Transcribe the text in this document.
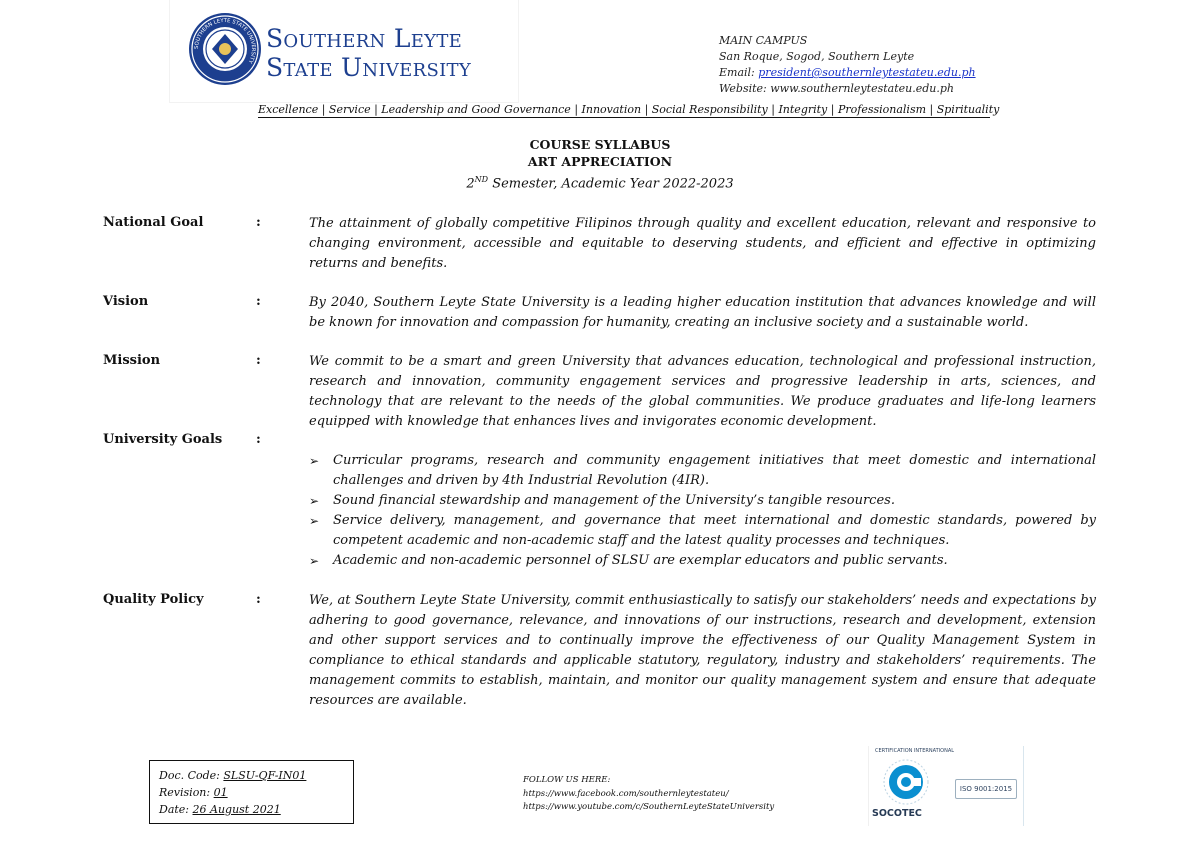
SOUTHERN LEYTE STATE UNIVERSITY
Southern Leyte
State University
MAIN CAMPUS
San Roque, Sogod, Southern Leyte
Email: president@southernleytestateu.edu.ph
Website: www.southernleytestateu.edu.ph
Excellence | Service | Leadership and Good Governance | Innovation | Social Responsibility | Integrity | Professionalism | Spirituality
COURSE SYLLABUS
ART APPRECIATION
2ND Semester, Academic Year 2022-2023
National Goal	:	The attainment of globally competitive Filipinos through quality and excellent education, relevant and responsive to changing environment, accessible and equitable to deserving students, and efficient and effective in optimizing returns and benefits.
Vision	:	By 2040, Southern Leyte State University is a leading higher education institution that advances knowledge and will be known for innovation and compassion for humanity, creating an inclusive society and a sustainable world.
Mission	:	We commit to be a smart and green University that advances education, technological and professional instruction, research and innovation, community engagement services and progressive leadership in arts, sciences, and technology that are relevant to the needs of the global communities. We produce graduates and life-long learners equipped with knowledge that enhances lives and invigorates economic development.
University Goals	:
➢ Curricular programs, research and community engagement initiatives that meet domestic and international challenges and driven by 4th Industrial Revolution (4IR).
➢ Sound financial stewardship and management of the University’s tangible resources.
➢ Service delivery, management, and governance that meet international and domestic standards, powered by competent academic and non-academic staff and the latest quality processes and techniques.
➢ Academic and non-academic personnel of SLSU are exemplar educators and public servants.
Quality Policy	:	We, at Southern Leyte State University, commit enthusiastically to satisfy our stakeholders’ needs and expectations by adhering to good governance, relevance, and innovations of our instructions, research and development, extension and other support services and to continually improve the effectiveness of our Quality Management System in compliance to ethical standards and applicable statutory, regulatory, industry and stakeholders’ requirements. The management commits to establish, maintain, and monitor our quality management system and ensure that adequate resources are available.
Doc. Code: SLSU-QF-IN01
Revision: 01
Date: 26 August 2021
FOLLOW US HERE:
https://www.facebook.com/southernleytestateu/
https://www.youtube.com/c/SouthernLeyteStateUniversity
CERTIFICATION INTERNATIONAL
SOCOTEC
ISO 9001:2015
